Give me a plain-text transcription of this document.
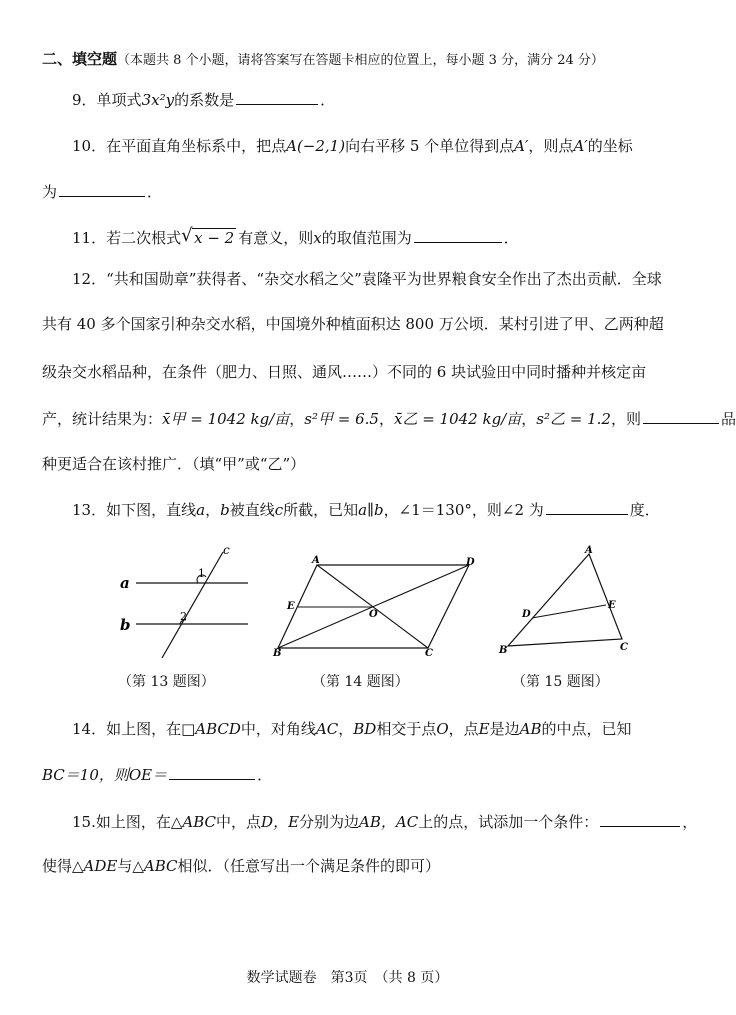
二、填空题（本题共 8 个小题，请将答案写在答题卡相应的位置上，每小题 3 分，满分 24 分）
9．单项式3x²y的系数是	．
10．在平面直角坐标系中，把点A(−2,1)向右平移 5 个单位得到点A′，则点A′的坐标
为	．
11．若二次根式 √ x − 2 有意义，则x的取值范围为	．
12．“共和国勋章”获得者、“杂交水稻之父”袁隆平为世界粮食安全作出了杰出贡献．全球
共有 40 多个国家引种杂交水稻，中国境外种植面积达 800 万公顷．某村引进了甲、乙两种超
级杂交水稻品种，在条件（肥力、日照、通风……）不同的 6 块试验田中同时播种并核定亩
产，统计结果为：x̄甲 = 1042 kg/亩，s²甲 = 6.5，x̄乙 = 1042 kg/亩，s²乙 = 1.2，则	品
种更适合在该村推广．（填“甲”或“乙”）
13．如下图，直线a，b被直线c所截，已知a∥b，∠1＝130°，则∠2 为	度．
a
b
c
1
2
（第 13 题图）
A	D
B	C
E
O
（第 14 题图）
A
B	C
D
E
（第 15 题图）
14．如上图，在□ABCD中，对角线AC，BD相交于点O，点E是边AB的中点，已知
BC＝10，则OE＝	．
15.如上图，在△ABC中，点D，E分别为边AB，AC上的点，试添加一个条件：	，
使得△ADE与△ABC相似．（任意写出一个满足条件的即可）
数学试题卷　第3页　（共 8 页）
